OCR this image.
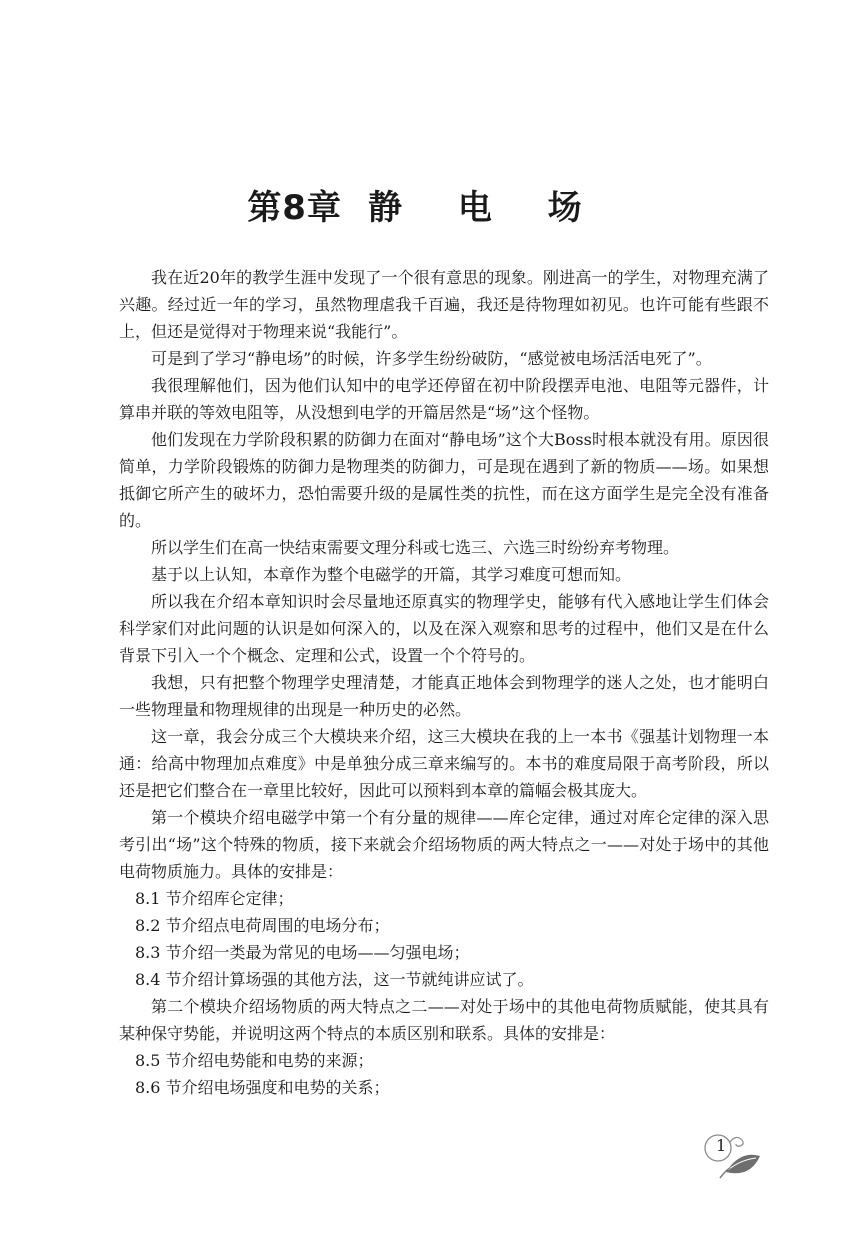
第8章 静 电 场

我在近20年的教学生涯中发现了一个很有意思的现象。刚进高一的学生，对物理充满了兴趣。经过近一年的学习，虽然物理虐我千百遍，我还是待物理如初见。也许可能有些跟不上，但还是觉得对于物理来说“我能行”。

可是到了学习“静电场”的时候，许多学生纷纷破防，“感觉被电场活活电死了”。

我很理解他们，因为他们认知中的电学还停留在初中阶段摆弄电池、电阻等元器件，计算串并联的等效电阻等，从没想到电学的开篇居然是“场”这个怪物。

他们发现在力学阶段积累的防御力在面对“静电场”这个大Boss时根本就没有用。原因很简单，力学阶段锻炼的防御力是物理类的防御力，可是现在遇到了新的物质——场。如果想抵御它所产生的破坏力，恐怕需要升级的是属性类的抗性，而在这方面学生是完全没有准备的。

所以学生们在高一快结束需要文理分科或七选三、六选三时纷纷弃考物理。

基于以上认知，本章作为整个电磁学的开篇，其学习难度可想而知。

所以我在介绍本章知识时会尽量地还原真实的物理学史，能够有代入感地让学生们体会科学家们对此问题的认识是如何深入的，以及在深入观察和思考的过程中，他们又是在什么背景下引入一个个概念、定理和公式，设置一个个符号的。

我想，只有把整个物理学史理清楚，才能真正地体会到物理学的迷人之处，也才能明白一些物理量和物理规律的出现是一种历史的必然。

这一章，我会分成三个大模块来介绍，这三大模块在我的上一本书《强基计划物理一本通：给高中物理加点难度》中是单独分成三章来编写的。本书的难度局限于高考阶段，所以还是把它们整合在一章里比较好，因此可以预料到本章的篇幅会极其庞大。

第一个模块介绍电磁学中第一个有分量的规律——库仑定律，通过对库仑定律的深入思考引出“场”这个特殊的物质，接下来就会介绍场物质的两大特点之一——对处于场中的其他电荷物质施力。具体的安排是：

8.1 节介绍库仑定律；

8.2 节介绍点电荷周围的电场分布；

8.3 节介绍一类最为常见的电场——匀强电场；

8.4 节介绍计算场强的其他方法，这一节就纯讲应试了。

第二个模块介绍场物质的两大特点之二——对处于场中的其他电荷物质赋能，使其具有某种保守势能，并说明这两个特点的本质区别和联系。具体的安排是：

8.5 节介绍电势能和电势的来源；

8.6 节介绍电场强度和电势的关系；

1
